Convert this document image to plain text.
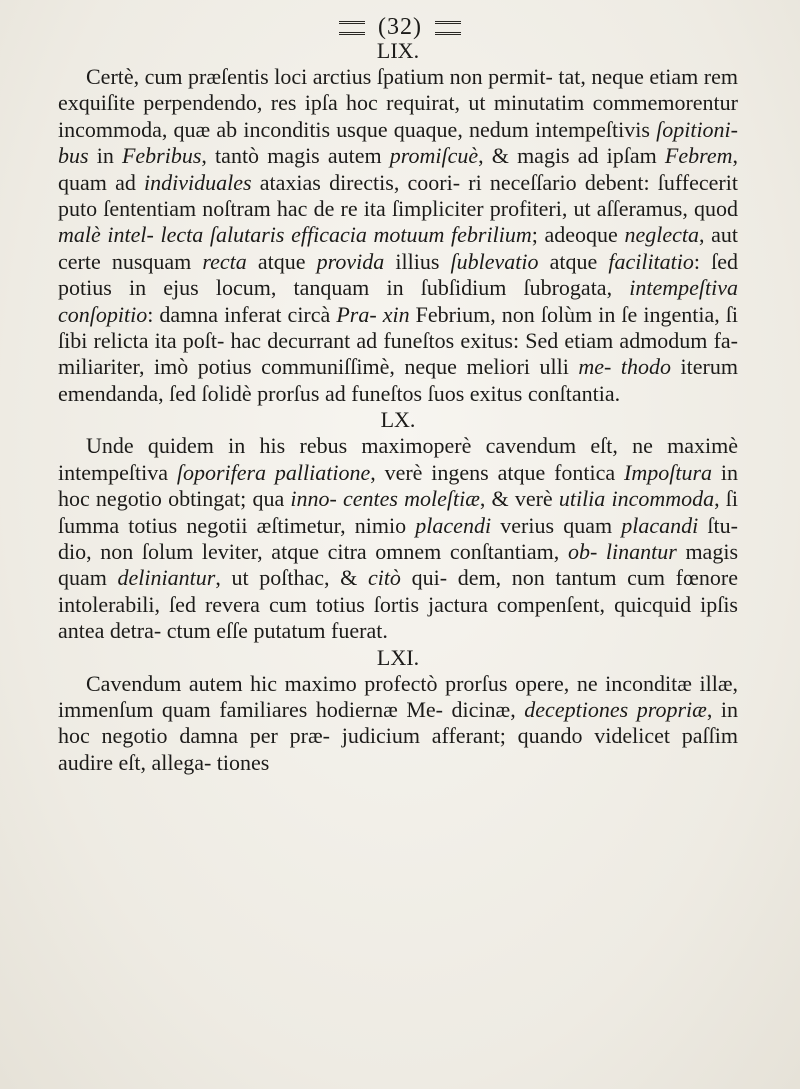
(32)
LIX.

Certè, cum præſentis loci arctius ſpatium non permit- tat, neque etiam rem exquiſite perpendendo, res ipſa hoc requirat, ut minutatim commemorentur incommoda, quæ ab inconditis usque quaque, nedum intempeſtivis ſopitioni- bus in Febribus, tantò magis autem promiſcuè, & magis ad ipſam Febrem, quam ad individuales ataxias directis, coori- ri neceſſario debent: ſuffecerit puto ſententiam noſtram hac de re ita ſimpliciter profiteri, ut aſſeramus, quod malè intel- lecta ſalutaris efficacia motuum febrilium; adeoque neglecta, aut certe nusquam recta atque provida illius ſublevatio atque facilitatio: ſed potius in ejus locum, tanquam in ſubſidium ſubrogata, intempeſtiva conſopitio: damna inferat circà Pra- xin Febrium, non ſolùm in ſe ingentia, ſi ſibi relicta ita poſt- hac decurrant ad funeſtos exitus: Sed etiam admodum fa- miliariter, imò potius communiſſimè, neque meliori ulli me- thodo iterum emendanda, ſed ſolidè prorſus ad funeſtos ſuos exitus conſtantia.

LX.

Unde quidem in his rebus maximoperè cavendum eſt, ne maximè intempeſtiva ſoporifera palliatione, verè ingens atque fontica Impoſtura in hoc negotio obtingat; qua inno- centes moleſtiæ, & verè utilia incommoda, ſi ſumma totius negotii æſtimetur, nimio placendi verius quam placandi ſtu- dio, non ſolum leviter, atque citra omnem conſtantiam, ob- linantur magis quam deliniantur, ut poſthac, & citò qui- dem, non tantum cum fœnore intolerabili, ſed revera cum totius ſortis jactura compenſent, quicquid ipſis antea detra- ctum eſſe putatum fuerat.

LXI.

Cavendum autem hic maximo profectò prorſus opere, ne inconditæ illæ, immenſum quam familiares hodiernæ Me- dicinæ, deceptiones propriæ, in hoc negotio damna per præ- judicium afferant; quando videlicet paſſim audire eſt, allega- tiones
